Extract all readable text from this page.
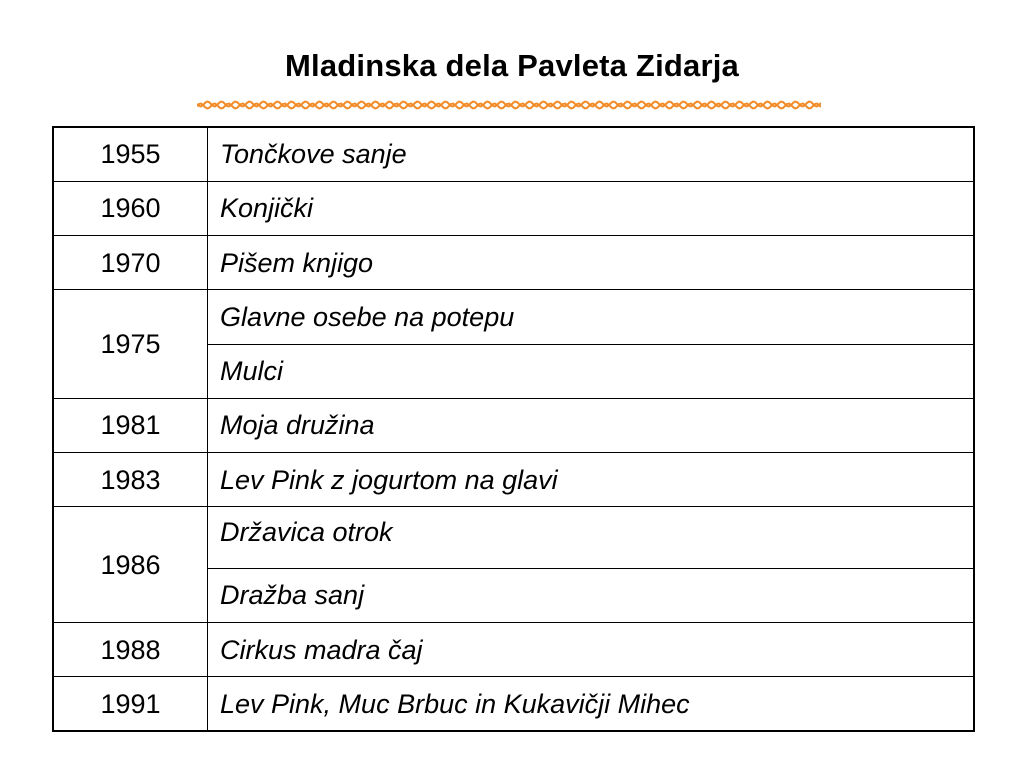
Mladinska dela Pavleta Zidarja
1955	Tončkove sanje
1960	Konjički
1970	Pišem knjigo
1975	Glavne osebe na potepu
	Mulci
1981	Moja družina
1983	Lev Pink z jogurtom na glavi
1986	Državica otrok
	Dražba sanj
1988	Cirkus madra čaj
1991	Lev Pink, Muc Brbuc in Kukavičji Mihec
